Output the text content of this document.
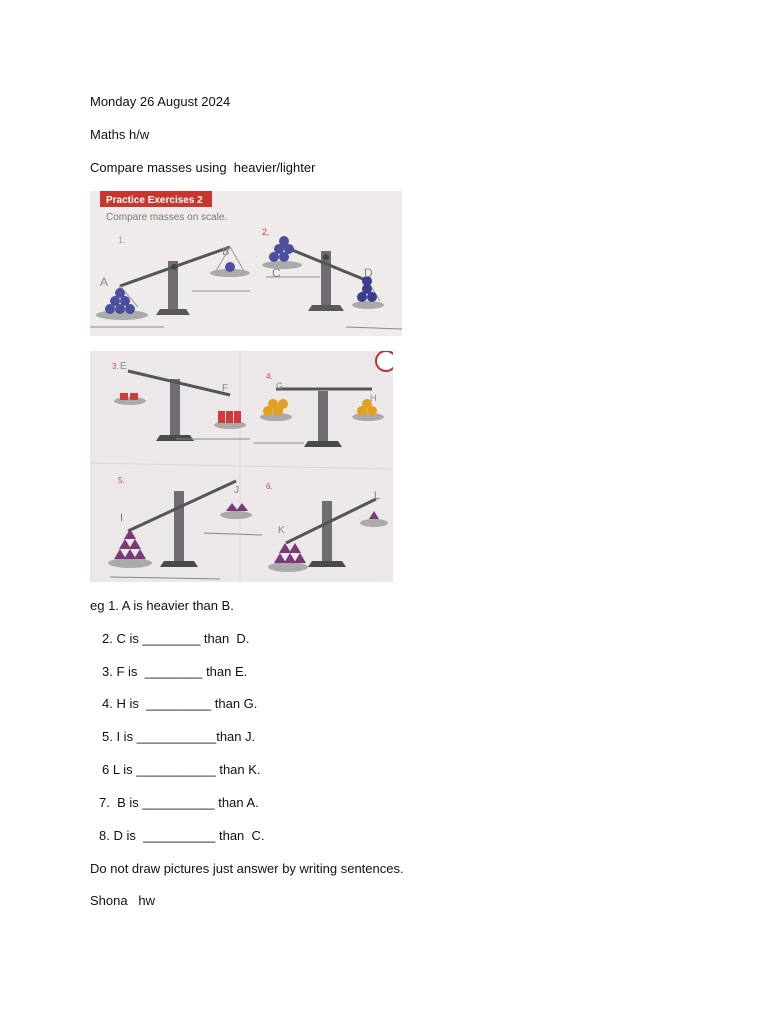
Monday 26 August 2024
Maths h/w
Compare masses using  heavier/lighter
Practice Exercises 2
Compare masses on scale.
1.
2.
A
B
C	D
3.
4.
5.
6.
E
F	G
H
I
J
K
L
eg 1. A is heavier than B.
2. C is ________ than  D.
3. F is  ________ than E.
4. H is  _________ than G.
5. I is ___________than J.
6 L is ___________ than K.
7.  B is __________ than A.
8. D is  __________ than  C.
Do not draw pictures just answer by writing sentences.
Shona   hw
